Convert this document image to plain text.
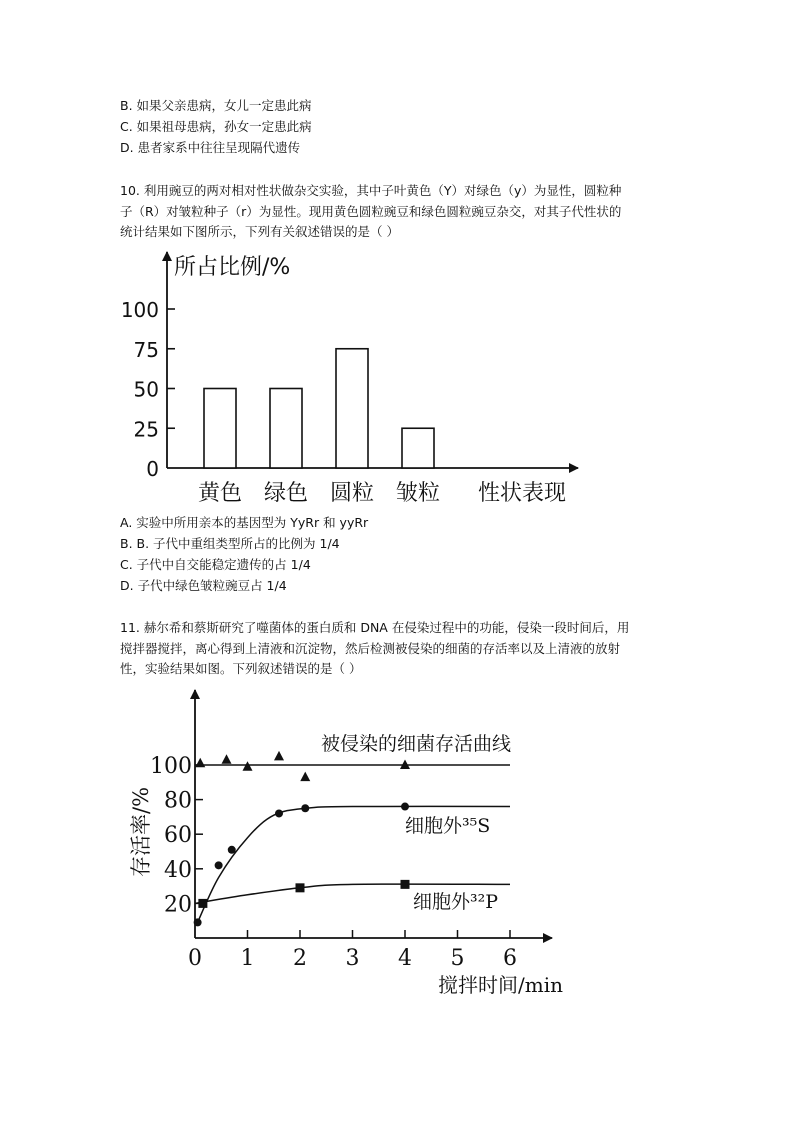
B. 如果父亲患病，女儿一定患此病
C. 如果祖母患病，孙女一定患此病
D. 患者家系中往往呈现隔代遗传
10. 利用豌豆的两对相对性状做杂交实验，其中子叶黄色（Y）对绿色（y）为显性，圆粒种
子（R）对皱粒种子（r）为显性。现用黄色圆粒豌豆和绿色圆粒豌豆杂交，对其子代性状的
统计结果如下图所示，下列有关叙述错误的是（ ）
所占比例/%
性状表现
0
25
50
75
100
黄色 绿色 圆粒 皱粒
A. 实验中所用亲本的基因型为 YyRr 和 yyRr
B. B. 子代中重组类型所占的比例为 1/4
C. 子代中自交能稳定遗传的占 1/4
D. 子代中绿色皱粒豌豆占 1/4
11. 赫尔希和蔡斯研究了噬菌体的蛋白质和 DNA 在侵染过程中的功能，侵染一段时间后，用
搅拌器搅拌，离心得到上清液和沉淀物，然后检测被侵染的细菌的存活率以及上清液的放射
性，实验结果如图。下列叙述错误的是（ ）
存活率/%
搅拌时间/min
被侵染的细菌存活曲线
细胞外³⁵S
细胞外³²P
0 1 2 3 4 5 6
20
40
60
80
100
